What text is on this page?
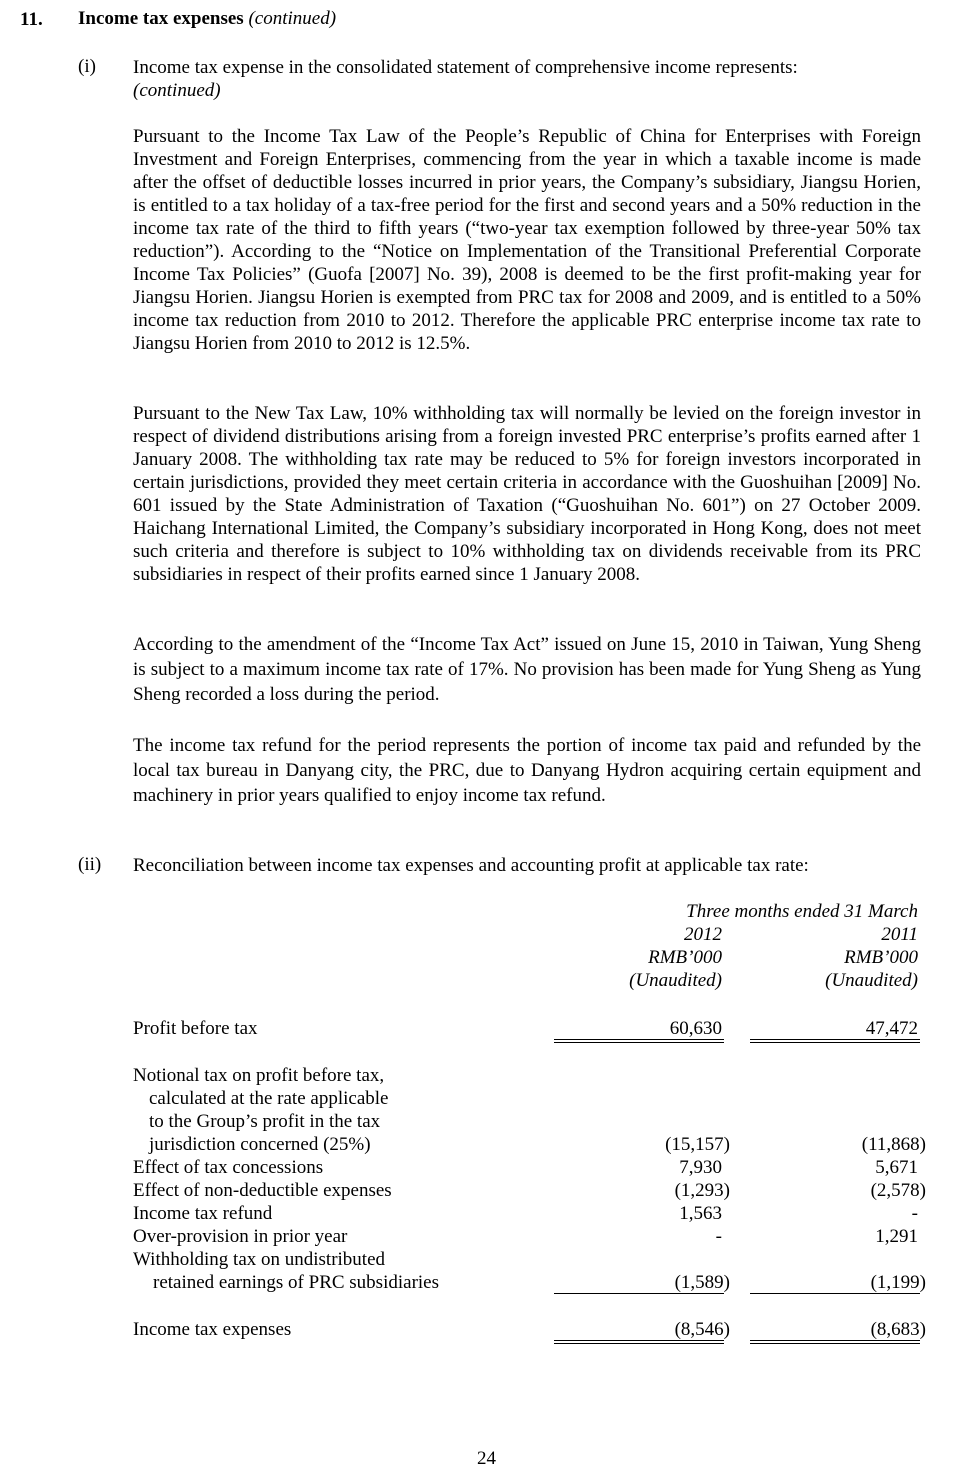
11. Income tax expenses (continued)
(i) Income tax expense in the consolidated statement of comprehensive income represents:
(continued)
Pursuant to the Income Tax Law of the People’s Republic of China for Enterprises with Foreign Investment and Foreign Enterprises, commencing from the year in which a taxable income is made after the offset of deductible losses incurred in prior years, the Company’s subsidiary, Jiangsu Horien, is entitled to a tax holiday of a tax-free period for the first and second years and a 50% reduction in the income tax rate of the third to fifth years (“two-year tax exemption followed by three-year 50% tax reduction”). According to the “Notice on Implementation of the Transitional Preferential Corporate Income Tax Policies” (Guofa [2007] No. 39), 2008 is deemed to be the first profit-making year for Jiangsu Horien. Jiangsu Horien is exempted from PRC tax for 2008 and 2009, and is entitled to a 50% income tax reduction from 2010 to 2012. Therefore the applicable PRC enterprise income tax rate to Jiangsu Horien from 2010 to 2012 is 12.5%.
Pursuant to the New Tax Law, 10% withholding tax will normally be levied on the foreign investor in respect of dividend distributions arising from a foreign invested PRC enterprise’s profits earned after 1 January 2008. The withholding tax rate may be reduced to 5% for foreign investors incorporated in certain jurisdictions, provided they meet certain criteria in accordance with the Guoshuihan [2009] No. 601 issued by the State Administration of Taxation (“Guoshuihan No. 601”) on 27 October 2009. Haichang International Limited, the Company’s subsidiary incorporated in Hong Kong, does not meet such criteria and therefore is subject to 10% withholding tax on dividends receivable from its PRC subsidiaries in respect of their profits earned since 1 January 2008.
According to the amendment of the “Income Tax Act” issued on June 15, 2010 in Taiwan, Yung Sheng is subject to a maximum income tax rate of 17%. No provision has been made for Yung Sheng as Yung Sheng recorded a loss during the period.
The income tax refund for the period represents the portion of income tax paid and refunded by the local tax bureau in Danyang city, the PRC, due to Danyang Hydron acquiring certain equipment and machinery in prior years qualified to enjoy income tax refund.
(ii) Reconciliation between income tax expenses and accounting profit at applicable tax rate:
Three months ended 31 March
2012	2011
RMB’000	RMB’000
(Unaudited)	(Unaudited)
Profit before tax	60,630	47,472
Notional tax on profit before tax,
calculated at the rate applicable
to the Group’s profit in the tax
jurisdiction concerned (25%)	(15,157)	(11,868)
Effect of tax concessions	7,930	5,671
Effect of non-deductible expenses	(1,293)	(2,578)
Income tax refund	1,563	-
Over-provision in prior year	-	1,291
Withholding tax on undistributed
retained earnings of PRC subsidiaries	(1,589)	(1,199)
Income tax expenses	(8,546)	(8,683)
24
